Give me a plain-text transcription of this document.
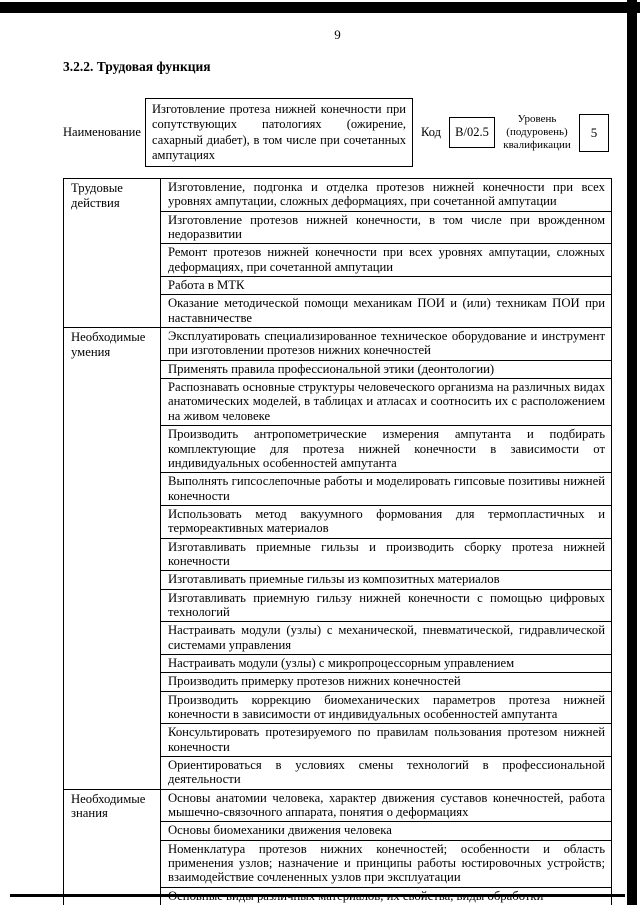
9
3.2.2. Трудовая функция
Наименование
Изготовление протеза нижней конечности при сопутствующих патологиях (ожирение, сахарный диабет), в том числе при сочетанных ампутациях
Код	В/02.5
Уровень (подуровень) квалификации
5
Трудовые действия
Изготовление, подгонка и отделка протезов нижней конечности при всех уровнях ампутации, сложных деформациях, при сочетанной ампутации
Изготовление протезов нижней конечности, в том числе при врожденном недоразвитии
Ремонт протезов нижней конечности при всех уровнях ампутации, сложных деформациях, при сочетанной ампутации
Работа в МТК
Оказание методической помощи механикам ПОИ и (или) техникам ПОИ при наставничестве
Необходимые умения
Эксплуатировать специализированное техническое оборудование и инструмент при изготовлении протезов нижних конечностей
Применять правила профессиональной этики (деонтологии)
Распознавать основные структуры человеческого организма на различных видах анатомических моделей, в таблицах и атласах и соотносить их с расположением на живом человеке
Производить антропометрические измерения ампутанта и подбирать комплектующие для протеза нижней конечности в зависимости от индивидуальных особенностей ампутанта
Выполнять гипсослепочные работы и моделировать гипсовые позитивы нижней конечности
Использовать метод вакуумного формования для термопластичных и термореактивных материалов
Изготавливать приемные гильзы и производить сборку протеза нижней конечности
Изготавливать приемные гильзы из композитных материалов
Изготавливать приемную гильзу нижней конечности с помощью цифровых технологий
Настраивать модули (узлы) с механической, пневматической, гидравлической системами управления
Настраивать модули (узлы) с микропроцессорным управлением
Производить примерку протезов нижних конечностей
Производить коррекцию биомеханических параметров протеза нижней конечности в зависимости от индивидуальных особенностей ампутанта
Консультировать протезируемого по правилам пользования протезом нижней конечности
Ориентироваться в условиях смены технологий в профессиональной деятельности
Необходимые знания
Основы анатомии человека, характер движения суставов конечностей, работа мышечно-связочного аппарата, понятия о деформациях
Основы биомеханики движения человека
Номенклатура протезов нижних конечностей; особенности и область применения узлов; назначение и принципы работы юстировочных устройств; взаимодействие сочлененных узлов при эксплуатации
Основные виды различных материалов, их свойства, виды обработки
